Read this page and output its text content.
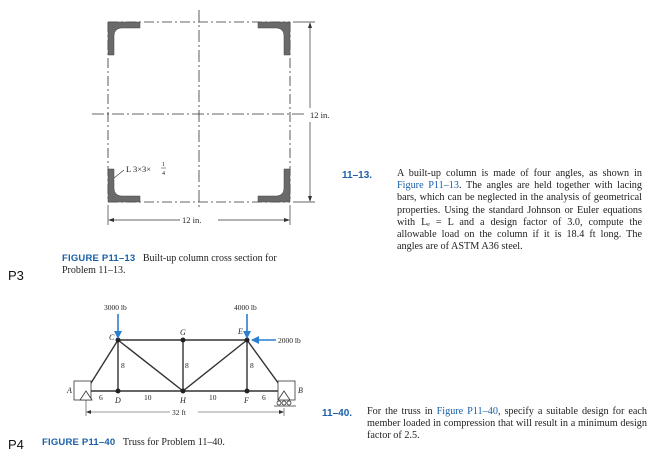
L 3×3× 1
4
12 in.
12 in.
FIGURE P11–13 Built-up column cross section for
Problem 11–13.
P3
11–13. A built-up column is made of four angles, as shown in Figure P11–13. The angles are held together with lacing bars, which can be neglected in the analysis of geometrical properties. Using the standard Johnson or Euler equations with Lₑ = L and a design factor of 3.0, compute the allowable load on the column if it is 18.4 ft long. The angles are of ASTM A36 steel.
3000 lb	4000 lb
2000 lb
A	B
C
D
E
F
G
H
6	6
8	8	8
10	10
32 ft
P4 FIGURE P11–40 Truss for Problem 11–40.
11–40. For the truss in Figure P11–40, specify a suitable design for each member loaded in compression that will result in a minimum design factor of 2.5.
